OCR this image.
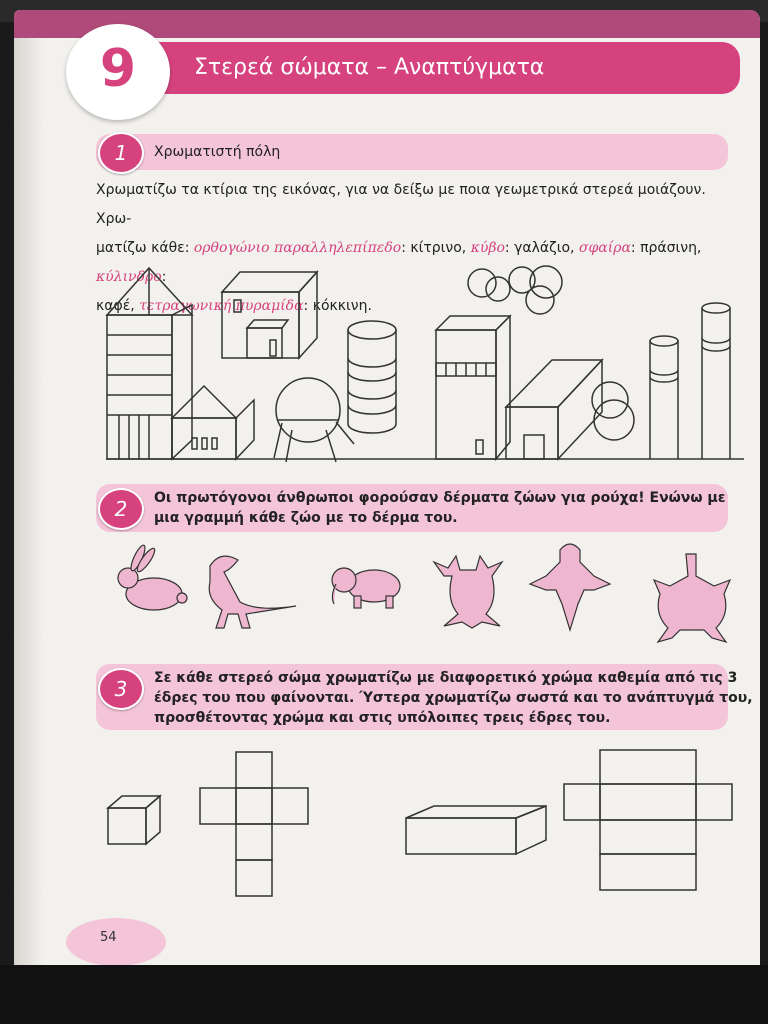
Στερεά σώματα – Αναπτύγματα
9
1	Χρωματιστή πόλη
Χρωματίζω τα κτίρια της εικόνας, για να δείξω με ποια γεωμετρικά στερεά μοιάζουν. Χρω-
ματίζω κάθε: ορθογώνιο παραλληλεπίπεδο: κίτρινο, κύβο: γαλάζιο, σφαίρα: πράσινη, κύλινδρο:
καφέ, τετραγωνική πυραμίδα: κόκκινη.
2	Οι πρωτόγονοι άνθρωποι φορούσαν δέρματα ζώων για ρούχα! Ενώνω με
μια γραμμή κάθε ζώο με το δέρμα του.
3	Σε κάθε στερεό σώμα χρωματίζω με διαφορετικό χρώμα καθεμία από τις 3
έδρες του που φαίνονται. Ύστερα χρωματίζω σωστά και το ανάπτυγμά του,
προσθέτοντας χρώμα και στις υπόλοιπες τρεις έδρες του.
54
